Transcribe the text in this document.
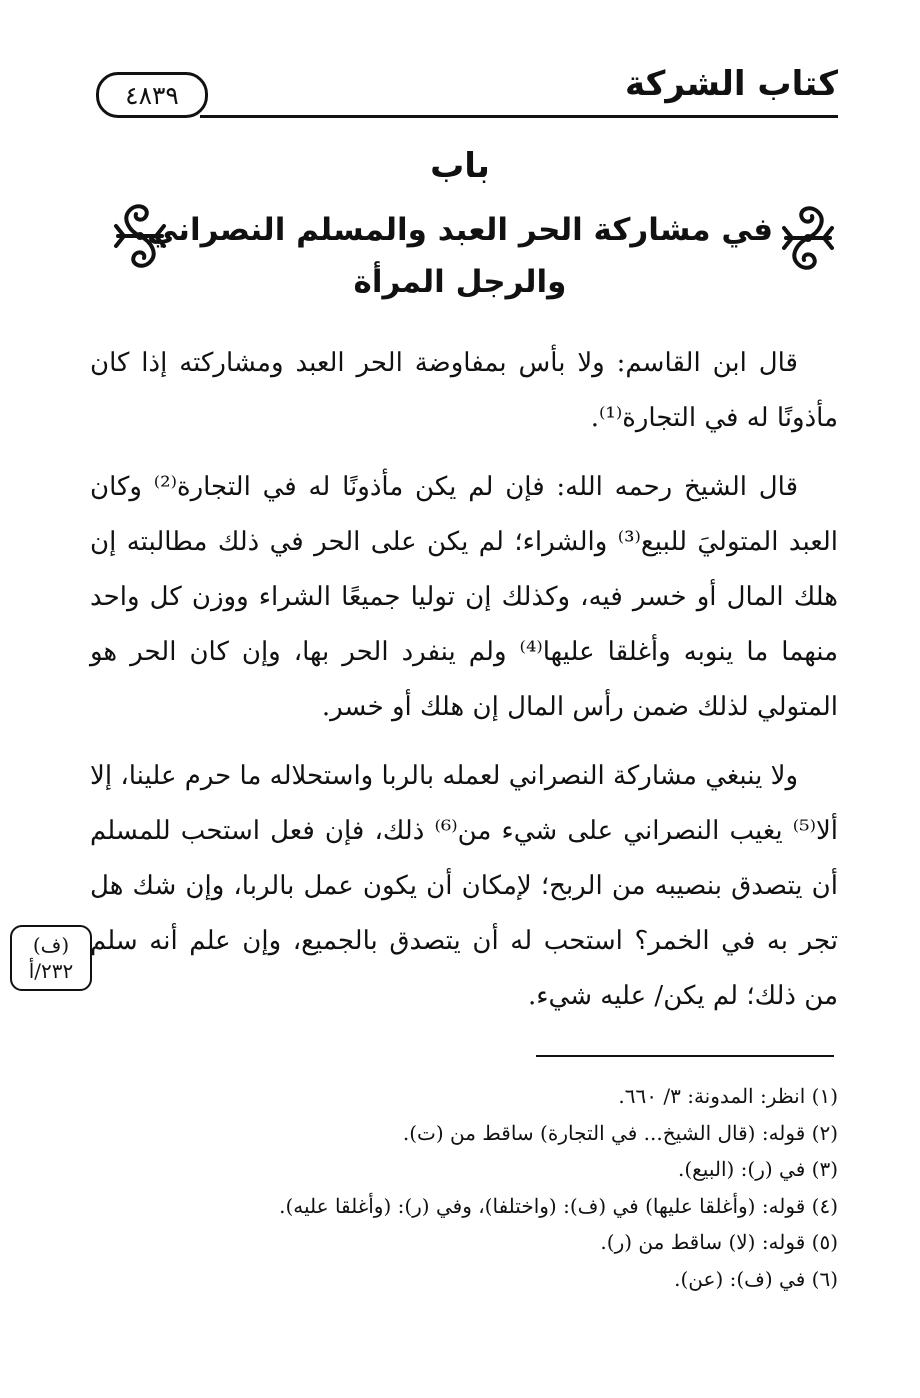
كتاب الشركة
٤٨٣٩
باب
في مشاركة الحر العبد والمسلم النصراني
والرجل المرأة

قال ابن القاسم: ولا بأس بمفاوضة الحر العبد ومشاركته إذا كان مأذونًا له في التجارة⁽¹⁾.

قال الشيخ رحمه الله: فإن لم يكن مأذونًا له في التجارة⁽²⁾ وكان العبد المتوليَ للبيع⁽³⁾ والشراء؛ لم يكن على الحر في ذلك مطالبته إن هلك المال أو خسر فيه، وكذلك إن توليا جميعًا الشراء ووزن كل واحد منهما ما ينوبه وأغلقا عليها⁽⁴⁾ ولم ينفرد الحر بها، وإن كان الحر هو المتولي لذلك ضمن رأس المال إن هلك أو خسر.

ولا ينبغي مشاركة النصراني لعمله بالربا واستحلاله ما حرم علينا، إلا ألا⁽⁵⁾ يغيب النصراني على شيء من⁽⁶⁾ ذلك، فإن فعل استحب للمسلم أن يتصدق بنصيبه من الربح؛ لإمكان أن يكون عمل بالربا، وإن شك هل تجر به في الخمر؟ استحب له أن يتصدق بالجميع، وإن علم أنه سلم من ذلك؛ لم يكن/ عليه شيء.

(ف)
٢٣٢/أ
(١) انظر: المدونة: ٣/ ٦٦٠.
(٢) قوله: (قال الشيخ... في التجارة) ساقط من (ت).
(٣) في (ر): (البيع).
(٤) قوله: (وأغلقا عليها) في (ف): (واختلفا)، وفي (ر): (وأغلقا عليه).
(٥) قوله: (لا) ساقط من (ر).
(٦) في (ف): (عن).
